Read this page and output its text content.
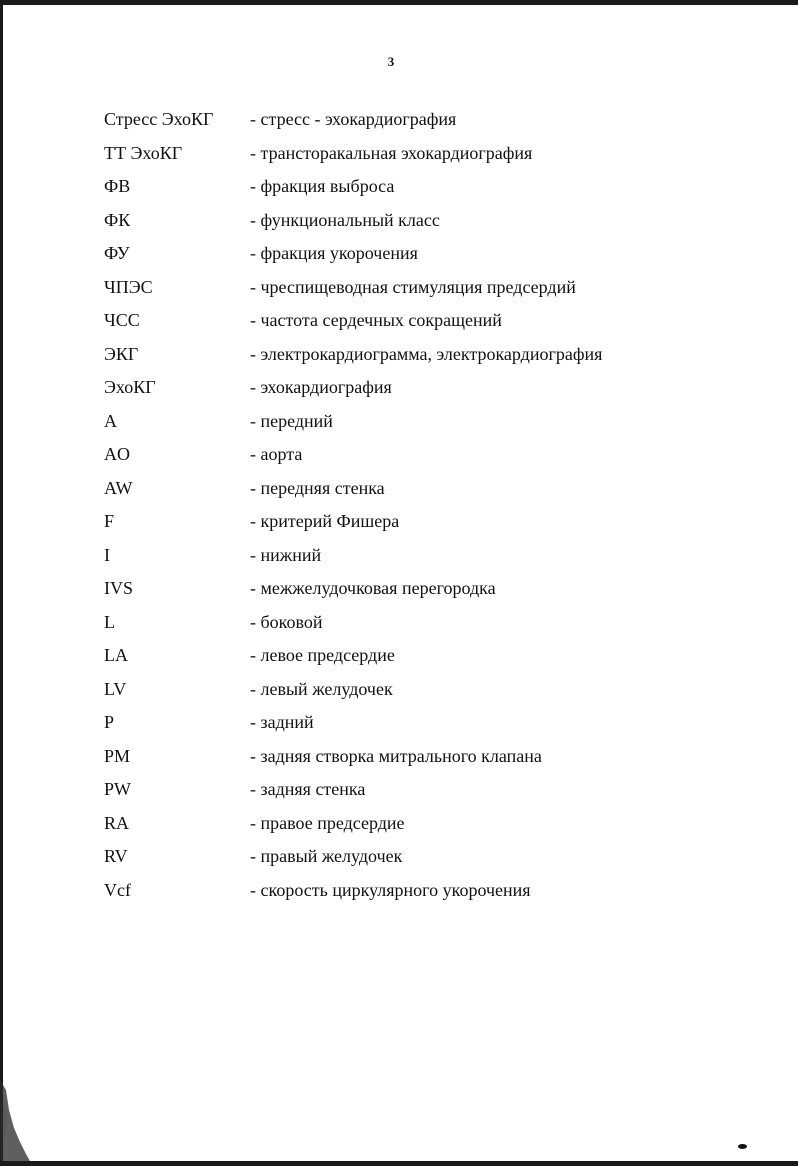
3
Стресс ЭхоКГ	- стресс - эхокардиография
ТТ ЭхоКГ	- трансторакальная эхокардиография
ФВ	- фракция выброса
ФК	- функциональный класс
ФУ	- фракция укорочения
ЧПЭС	- чреспищеводная стимуляция предсердий
ЧСС	- частота сердечных сокращений
ЭКГ	- электрокардиограмма, электрокардиография
ЭхоКГ	- эхокардиография
A	- передний
AO	- аорта
AW	- передняя стенка
F	- критерий Фишера
I	- нижний
IVS	- межжелудочковая перегородка
L	- боковой
LA	- левое предсердие
LV	- левый желудочек
P	- задний
PM	- задняя створка митрального клапана
PW	- задняя стенка
RA	- правое предсердие
RV	- правый желудочек
Vcf	- скорость циркулярного укорочения
